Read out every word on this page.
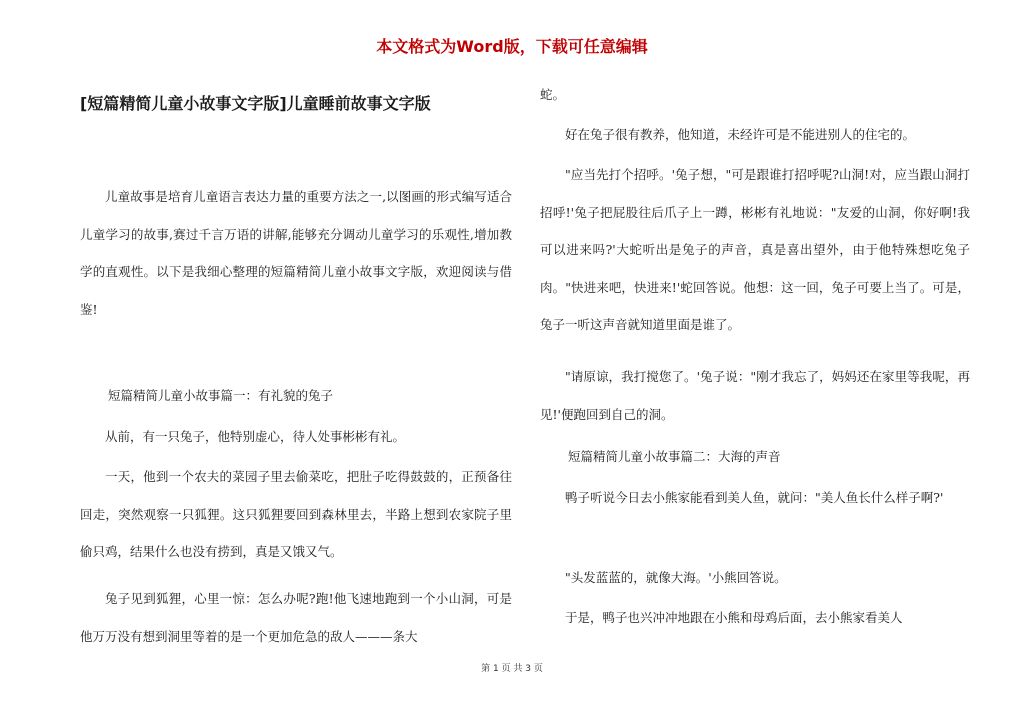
本文格式为Word版，下载可任意编辑
[短篇精简儿童小故事文字版]儿童睡前故事文字版

儿童故事是培育儿童语言表达力量的重要方法之一,以图画的形式编写适合儿童学习的故事,赛过千言万语的讲解,能够充分调动儿童学习的乐观性,增加教学的直观性。以下是我细心整理的短篇精简儿童小故事文字版，欢迎阅读与借鉴!

短篇精简儿童小故事篇一：有礼貌的兔子

从前，有一只兔子，他特别虚心，待人处事彬彬有礼。

一天，他到一个农夫的菜园子里去偷菜吃，把肚子吃得鼓鼓的，正预备往回走，突然观察一只狐狸。这只狐狸要回到森林里去，半路上想到农家院子里偷只鸡，结果什么也没有捞到，真是又饿又气。

兔子见到狐狸，心里一惊：怎么办呢?跑!他飞速地跑到一个小山洞，可是他万万没有想到洞里等着的是一个更加危急的敌人———条大

蛇。

好在兔子很有教养，他知道，未经许可是不能进别人的住宅的。

"应当先打个招呼。'兔子想，"可是跟谁打招呼呢?山洞!对，应当跟山洞打招呼!'兔子把屁股往后爪子上一蹲，彬彬有礼地说："友爱的山洞，你好啊!我可以进来吗?'大蛇听出是兔子的声音，真是喜出望外，由于他特殊想吃兔子肉。"快进来吧，快进来!'蛇回答说。他想：这一回，兔子可要上当了。可是，兔子一听这声音就知道里面是谁了。

"请原谅，我打搅您了。'兔子说："刚才我忘了，妈妈还在家里等我呢，再见!'便跑回到自己的洞。

短篇精简儿童小故事篇二：大海的声音

鸭子听说今日去小熊家能看到美人鱼，就问："美人鱼长什么样子啊?'

"头发蓝蓝的，就像大海。'小熊回答说。

于是，鸭子也兴冲冲地跟在小熊和母鸡后面，去小熊家看美人

第 1 页 共 3 页
